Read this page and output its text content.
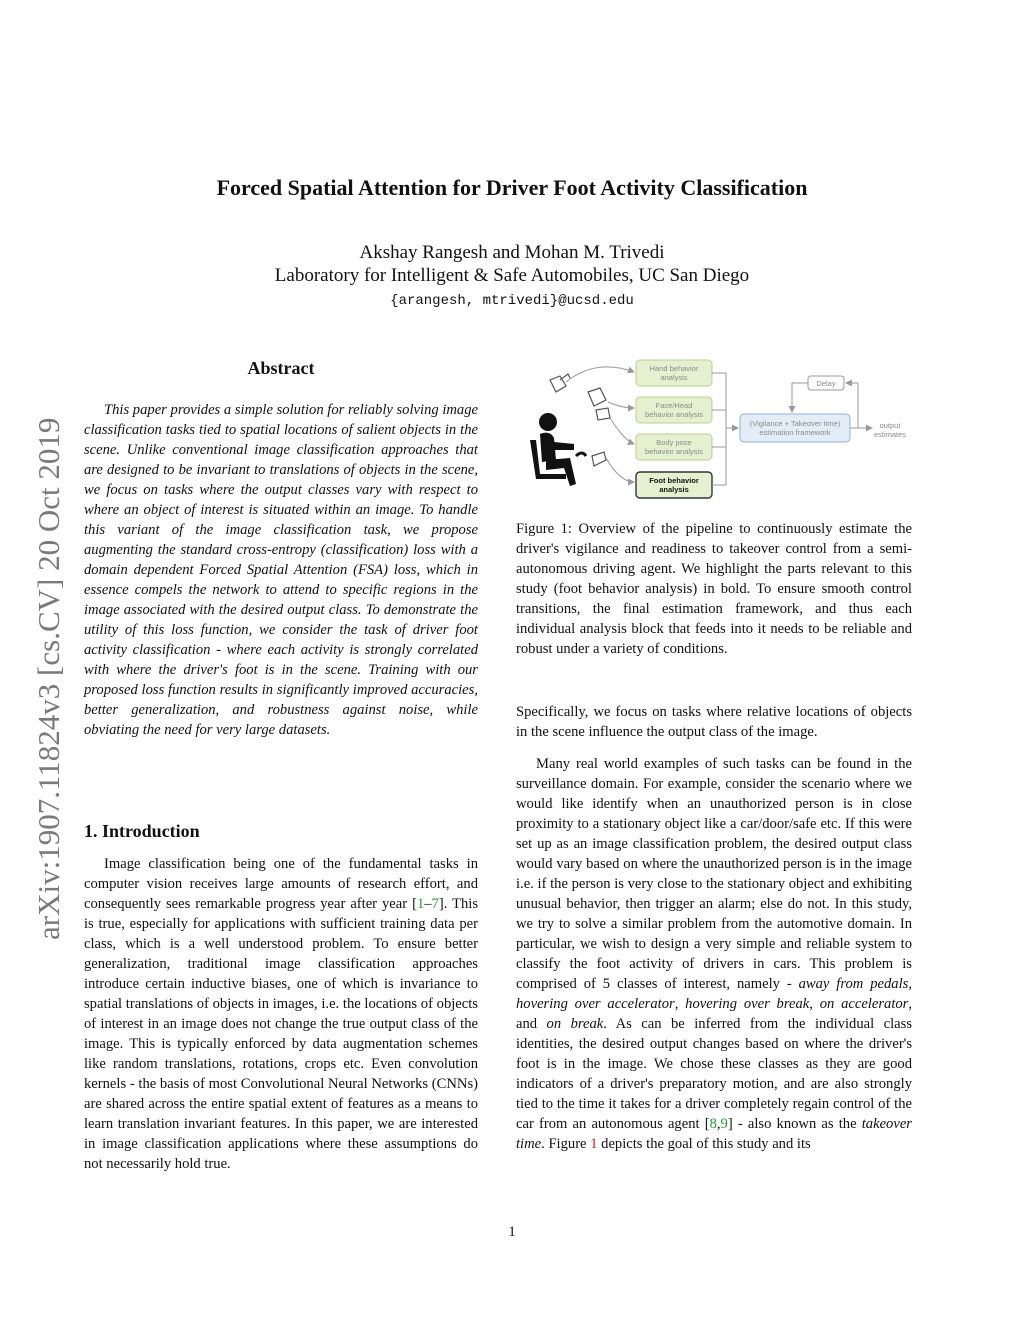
Forced Spatial Attention for Driver Foot Activity Classification
Akshay Rangesh and Mohan M. Trivedi
Laboratory for Intelligent & Safe Automobiles, UC San Diego
{arangesh, mtrivedi}@ucsd.edu
arXiv:1907.11824v3 [cs.CV] 20 Oct 2019
Abstract

This paper provides a simple solution for reliably solving image classification tasks tied to spatial locations of salient objects in the scene. Unlike conventional image classification approaches that are designed to be invariant to translations of objects in the scene, we focus on tasks where the output classes vary with respect to where an object of interest is situated within an image. To handle this variant of the image classification task, we propose augmenting the standard cross-entropy (classification) loss with a domain dependent Forced Spatial Attention (FSA) loss, which in essence compels the network to attend to specific regions in the image associated with the desired output class. To demonstrate the utility of this loss function, we consider the task of driver foot activity classification - where each activity is strongly correlated with where the driver's foot is in the scene. Training with our proposed loss function results in significantly improved accuracies, better generalization, and robustness against noise, while obviating the need for very large datasets.

1. Introduction

Image classification being one of the fundamental tasks in computer vision receives large amounts of research effort, and consequently sees remarkable progress year after year [1–7]. This is true, especially for applications with sufficient training data per class, which is a well understood problem. To ensure better generalization, traditional image classification approaches introduce certain inductive biases, one of which is invariance to spatial translations of objects in images, i.e. the locations of objects of interest in an image does not change the true output class of the image. This is typically enforced by data augmentation schemes like random translations, rotations, crops etc. Even convolution kernels - the basis of most Convolutional Neural Networks (CNNs) are shared across the entire spatial extent of features as a means to learn translation invariant features. In this paper, we are interested in image classification applications where these assumptions do not necessarily hold true.

Hand behavior
analysis
Face/Head
behavior analysis
Body pose
behavior analysis
Foot behavior
analysis
(Vigilance + Takeover time)
estimation framework
Delay
output
estimates

Figure 1: Overview of the pipeline to continuously estimate the driver's vigilance and readiness to takeover control from a semi-autonomous driving agent. We highlight the parts relevant to this study (foot behavior analysis) in bold. To ensure smooth control transitions, the final estimation framework, and thus each individual analysis block that feeds into it needs to be reliable and robust under a variety of conditions.

Specifically, we focus on tasks where relative locations of objects in the scene influence the output class of the image.

Many real world examples of such tasks can be found in the surveillance domain. For example, consider the scenario where we would like identify when an unauthorized person is in close proximity to a stationary object like a car/door/safe etc. If this were set up as an image classification problem, the desired output class would vary based on where the unauthorized person is in the image i.e. if the person is very close to the stationary object and exhibiting unusual behavior, then trigger an alarm; else do not. In this study, we try to solve a similar problem from the automotive domain. In particular, we wish to design a very simple and reliable system to classify the foot activity of drivers in cars. This problem is comprised of 5 classes of interest, namely - away from pedals, hovering over accelerator, hovering over break, on accelerator, and on break. As can be inferred from the individual class identities, the desired output changes based on where the driver's foot is in the image. We chose these classes as they are good indicators of a driver's preparatory motion, and are also strongly tied to the time it takes for a driver completely regain control of the car from an autonomous agent [8,9] - also known as the takeover time. Figure 1 depicts the goal of this study and its

1
